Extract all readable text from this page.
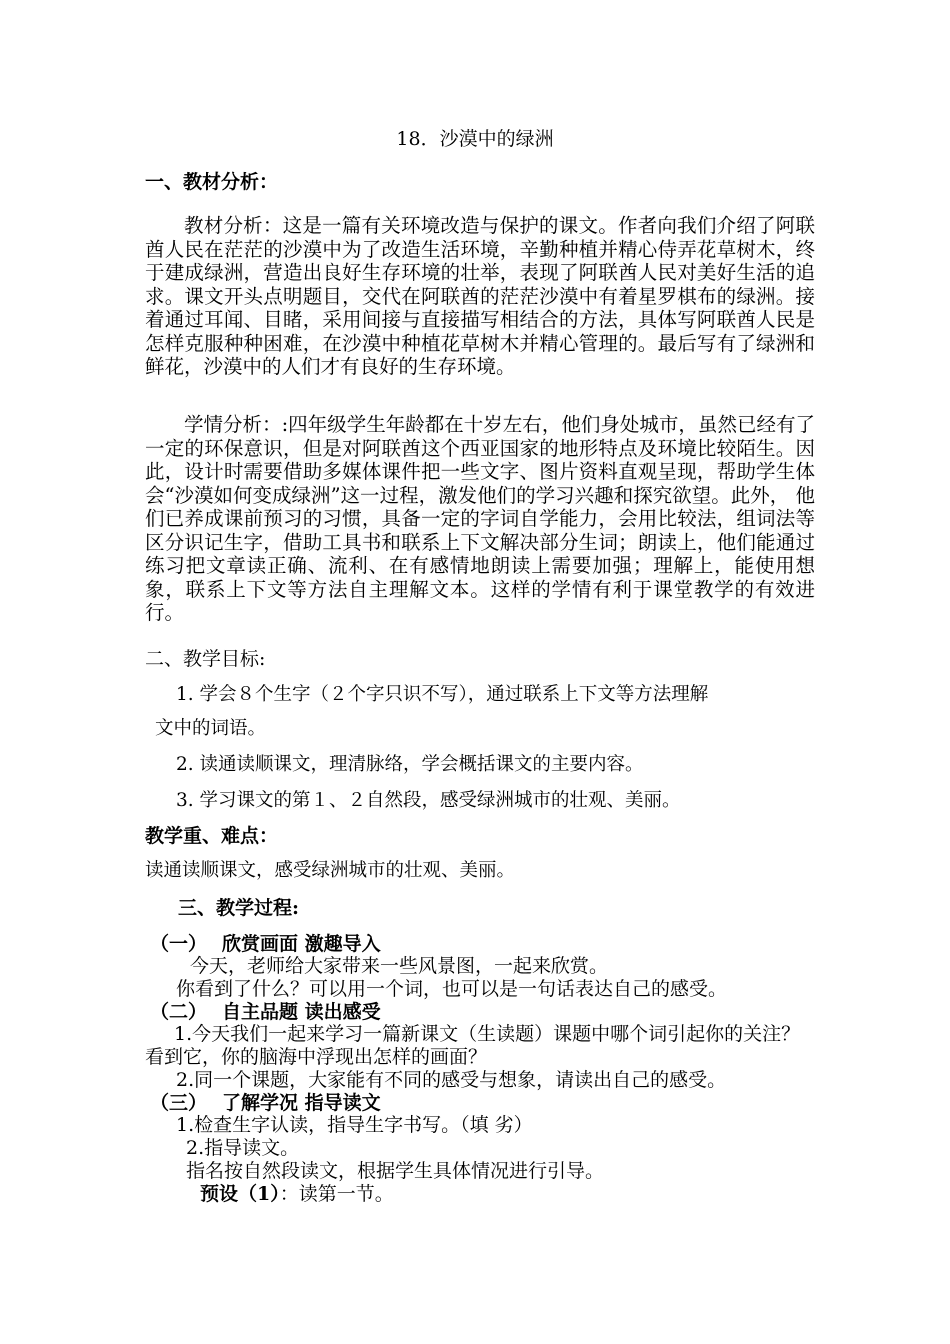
18．沙漠中的绿洲
一、教材分析：

教材分析：这是一篇有关环境改造与保护的课文。作者向我们介绍了阿联酋人民在茫茫的沙漠中为了改造生活环境，辛勤种植并精心侍弄花草树木，终于建成绿洲，营造出良好生存环境的壮举，表现了阿联酋人民对美好生活的追求。课文开头点明题目，交代在阿联酋的茫茫沙漠中有着星罗棋布的绿洲。接着通过耳闻、目睹，采用间接与直接描写相结合的方法，具体写阿联酋人民是怎样克服种种困难，在沙漠中种植花草树木并精心管理的。最后写有了绿洲和鲜花，沙漠中的人们才有良好的生存环境。

学情分析：:四年级学生年龄都在十岁左右，他们身处城市，虽然已经有了一定的环保意识，但是对阿联酋这个西亚国家的地形特点及环境比较陌生。因此，设计时需要借助多媒体课件把一些文字、图片资料直观呈现，帮助学生体会“沙漠如何变成绿洲”这一过程，激发他们的学习兴趣和探究欲望。此外， 他们已养成课前预习的习惯，具备一定的字词自学能力，会用比较法，组词法等区分识记生字，借助工具书和联系上下文解决部分生词；朗读上，他们能通过练习把文章读正确、流利、在有感情地朗读上需要加强；理解上，能使用想象，联系上下文等方法自主理解文本。这样的学情有利于课堂教学的有效进行。

二、教学目标:
1. 学会８个生字（２个字只识不写），通过联系上下文等方法理解
文中的词语。
2. 读通读顺课文，理清脉络，学会概括课文的主要内容。
3. 学习课文的第１、２自然段，感受绿洲城市的壮观、美丽。
教学重、难点：
读通读顺课文，感受绿洲城市的壮观、美丽。
三、教学过程:
（一） 欣赏画面 激趣导入
今天，老师给大家带来一些风景图，一起来欣赏。
你看到了什么？可以用一个词，也可以是一句话表达自己的感受。
（二） 自主品题 读出感受

1.今天我们一起来学习一篇新课文（生读题）课题中哪个词引起你的关注？看到它，你的脑海中浮现出怎样的画面？

2.同一个课题，大家能有不同的感受与想象，请读出自己的感受。
（三） 了解学况 指导读文
1.检查生字认读，指导生字书写。（填 劣）
2.指导读文。
指名按自然段读文，根据学生具体情况进行引导。
预设（1）：读第一节。
